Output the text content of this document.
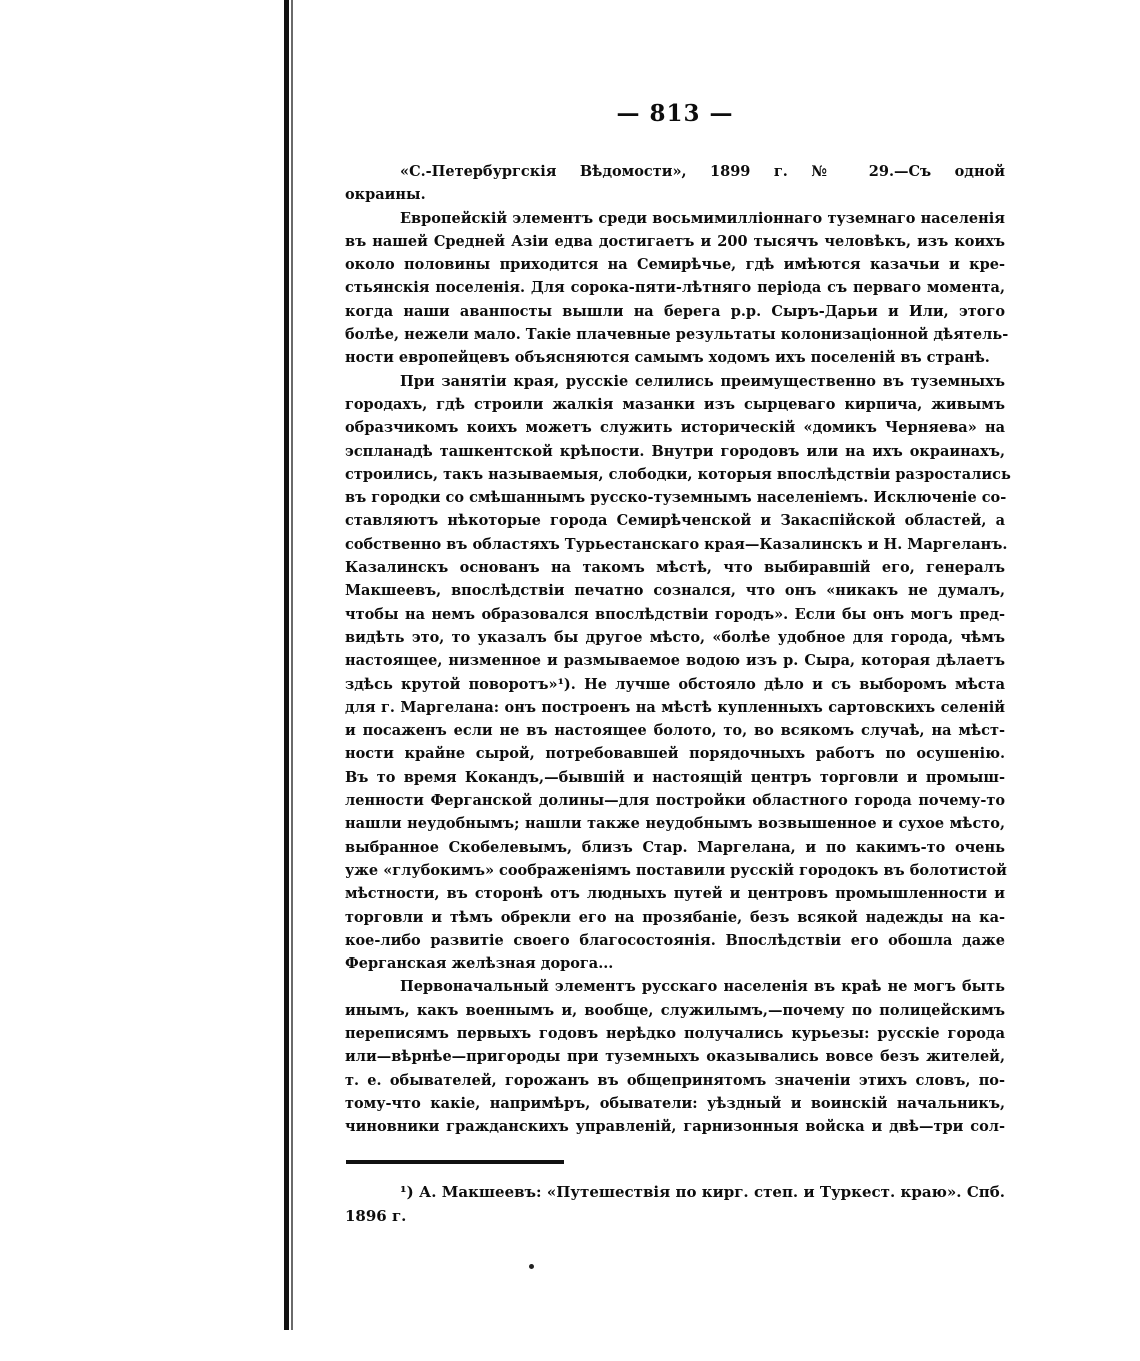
— 813 —

«С.-Петербургскія Вѣдомости», 1899 г. № 29.—Съ одной
окраины.

Европейскій элементъ среди восьмимилліоннаго туземнаго населенія
въ нашей Средней Азіи едва достигаетъ и 200 тысячъ человѣкъ, изъ коихъ
около половины приходится на Семирѣчье, гдѣ имѣются казачьи и кре-
стьянскія поселенія. Для сорока-пяти-лѣтняго періода съ перваго момента,
когда наши аванпосты вышли на берега р.р. Сыръ-Дарьи и Или, этого
болѣе, нежели мало. Такіе плачевные результаты колонизаціонной дѣятель-
ности европейцевъ объясняются самымъ ходомъ ихъ поселеній въ странѣ.

При занятіи края, русскіе селились преимущественно въ туземныхъ
городахъ, гдѣ строили жалкія мазанки изъ сырцеваго кирпича, живымъ
образчикомъ коихъ можетъ служить историческій «домикъ Черняева» на
эспланадѣ ташкентской крѣпости. Внутри городовъ или на ихъ окраинахъ,
строились, такъ называемыя, слободки, которыя впослѣдствіи разростались
въ городки со смѣшаннымъ русско-туземнымъ населеніемъ. Исключеніе со-
ставляютъ нѣкоторые города Семирѣченской и Закаспійской областей, а
собственно въ областяхъ Турьестанскаго края—Казалинскъ и Н. Маргеланъ.
Казалинскъ основанъ на такомъ мѣстѣ, что выбиравшій его, генералъ
Макшеевъ, впослѣдствіи печатно сознался, что онъ «никакъ не думалъ,
чтобы на немъ образовался впослѣдствіи городъ». Если бы онъ могъ пред-
видѣть это, то указалъ бы другое мѣсто, «болѣе удобное для города, чѣмъ
настоящее, низменное и размываемое водою изъ р. Сыра, которая дѣлаетъ
здѣсь крутой поворотъ»¹). Не лучше обстояло дѣло и съ выборомъ мѣста
для г. Маргелана: онъ построенъ на мѣстѣ купленныхъ сартовскихъ селеній
и посаженъ если не въ настоящее болото, то, во всякомъ случаѣ, на мѣст-
ности крайне сырой, потребовавшей порядочныхъ работъ по осушенію.
Въ то время Кокандъ,—бывшій и настоящій центръ торговли и промыш-
ленности Ферганской долины—для постройки областного города почему-то
нашли неудобнымъ; нашли также неудобнымъ возвышенное и сухое мѣсто,
выбранное Скобелевымъ, близъ Стар. Маргелана, и по какимъ-то очень
уже «глубокимъ» соображеніямъ поставили русскій городокъ въ болотистой
мѣстности, въ сторонѣ отъ людныхъ путей и центровъ промышленности и
торговли и тѣмъ обрекли его на прозябаніе, безъ всякой надежды на ка-
кое-либо развитіе своего благосостоянія. Впослѣдствіи его обошла даже
Ферганская желѣзная дорога...

Первоначальный элементъ русскаго населенія въ краѣ не могъ быть
инымъ, какъ военнымъ и, вообще, служилымъ,—почему по полицейскимъ
переписямъ первыхъ годовъ нерѣдко получались курьезы: русскіе города
или—вѣрнѣе—пригороды при туземныхъ оказывались вовсе безъ жителей,
т. е. обывателей, горожанъ въ общепринятомъ значеніи этихъ словъ, по-
тому-что какіе, напримѣръ, обыватели: уѣздный и воинскій начальникъ,
чиновники гражданскихъ управленій, гарнизонныя войска и двѣ—три сол-

¹) А. Макшеевъ: «Путешествія по кирг. степ. и Туркест. краю». Спб.
1896 г.
